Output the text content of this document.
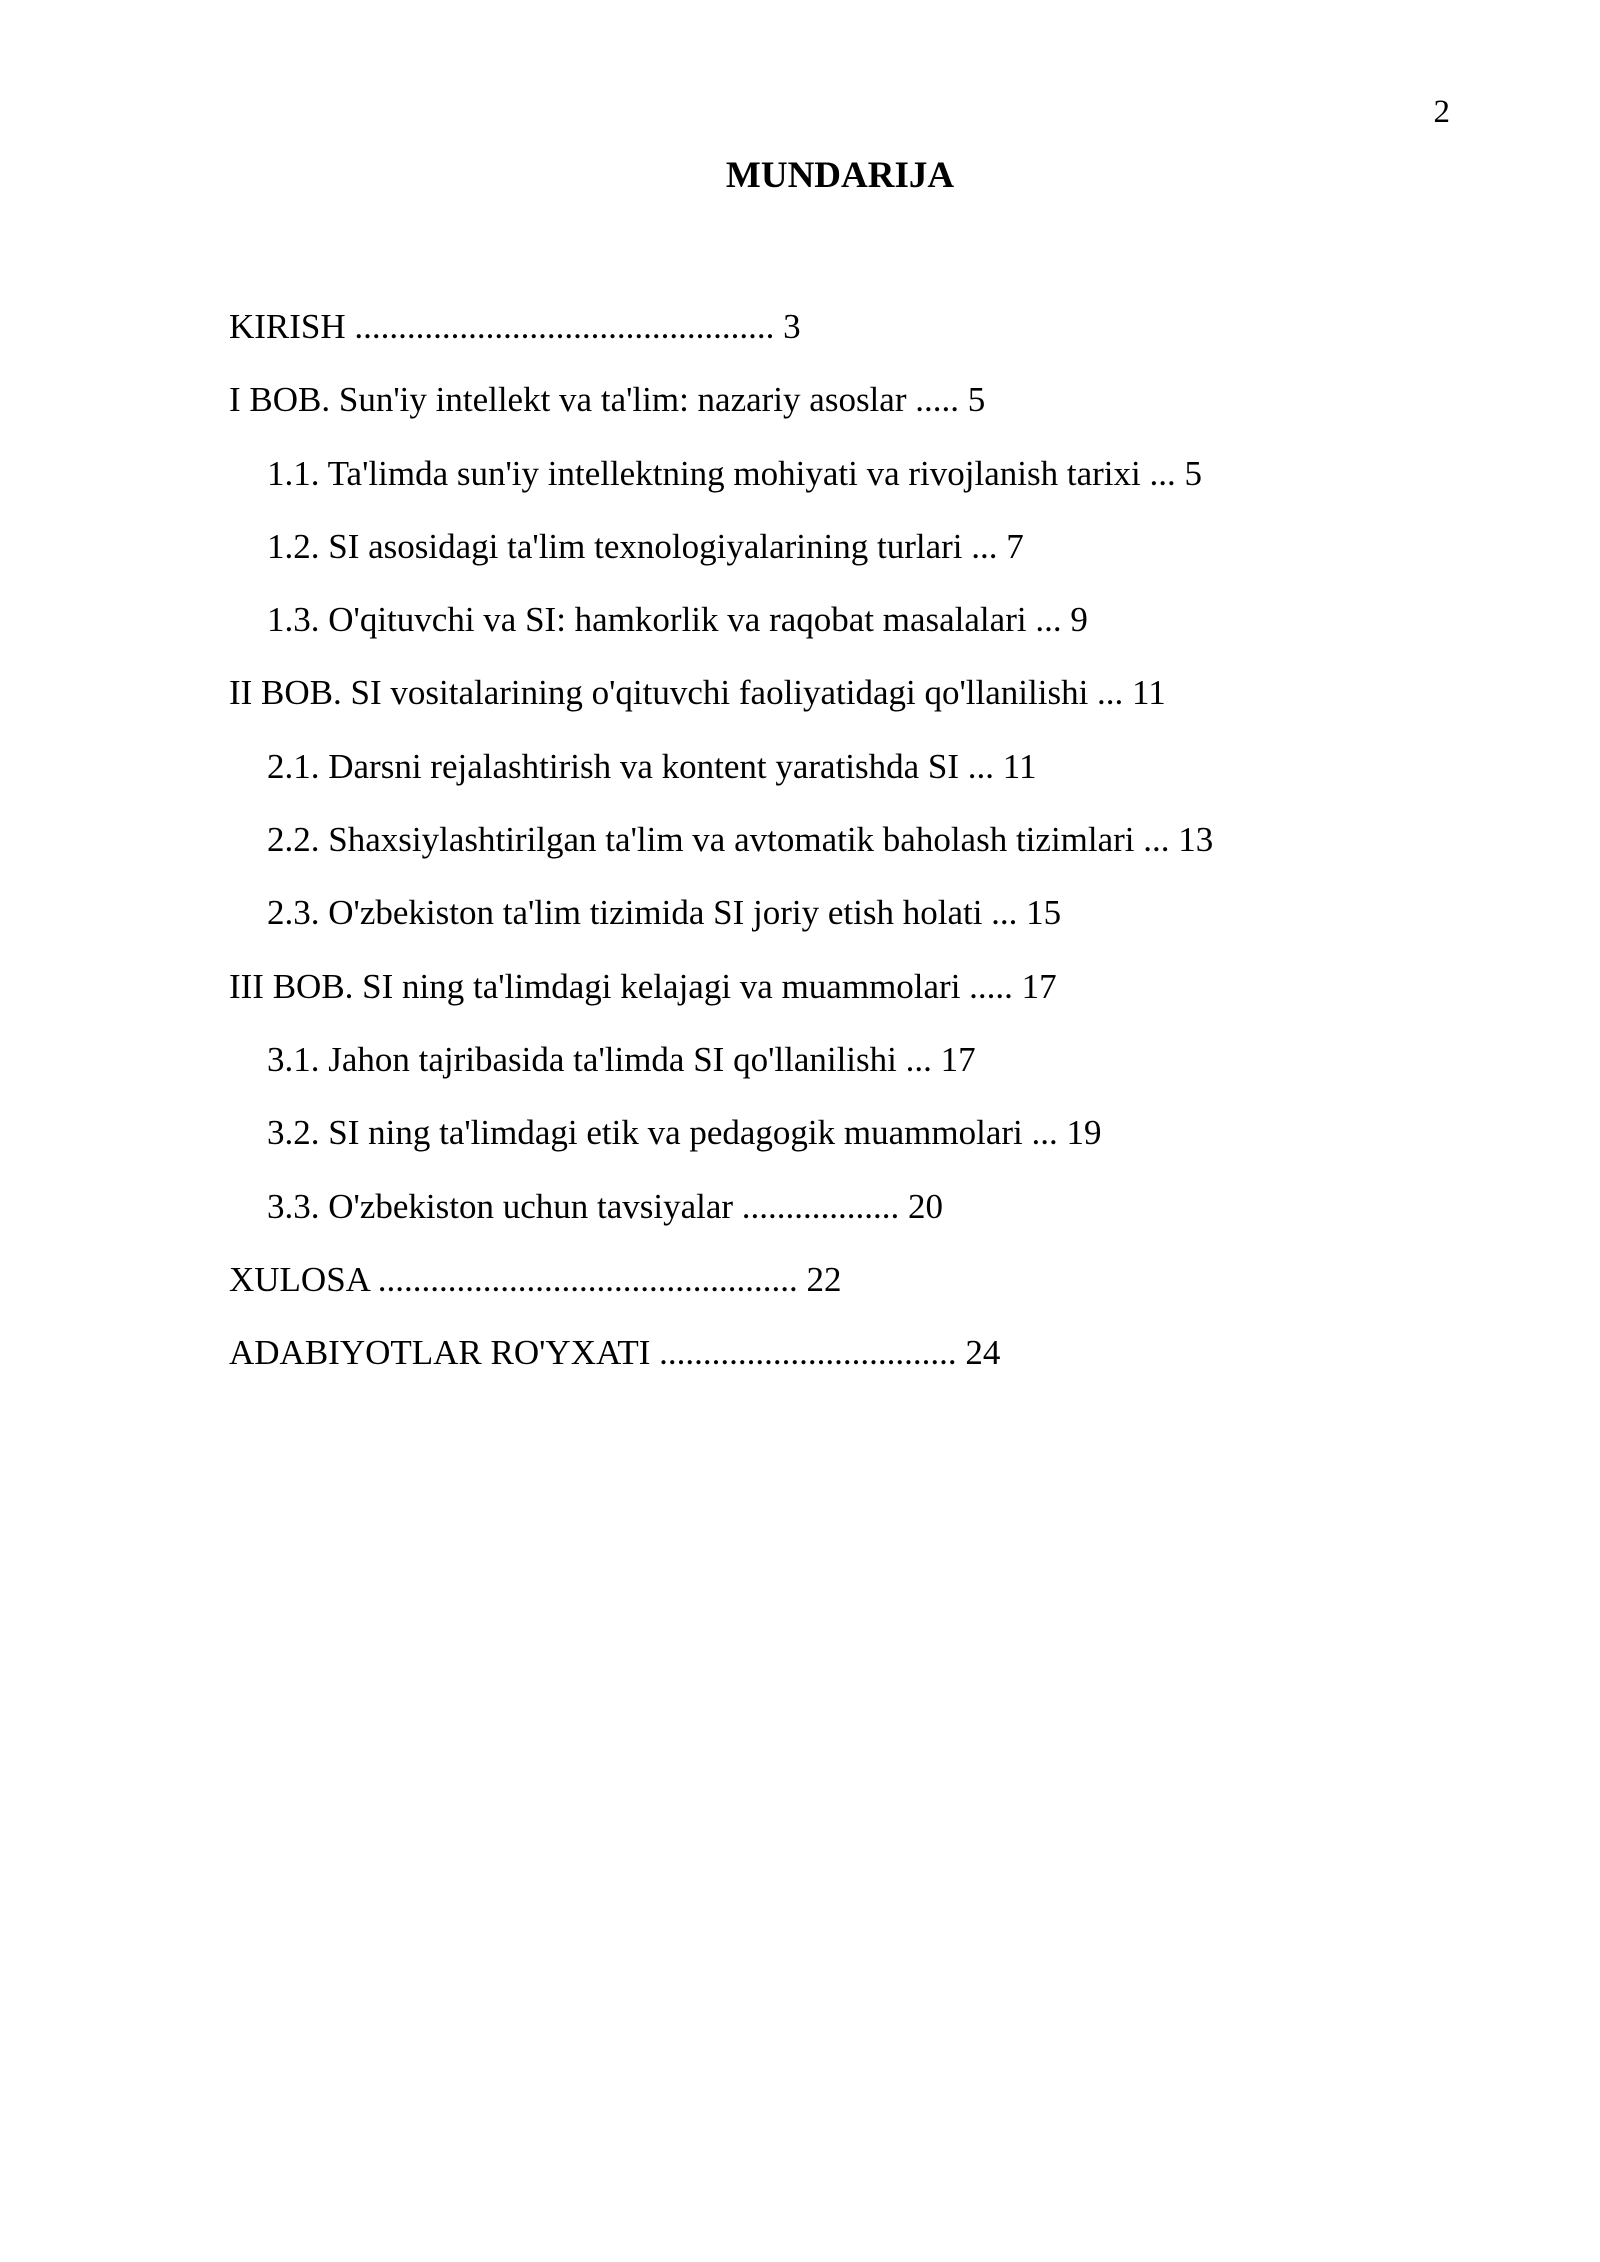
2
MUNDARIJA
KIRISH ................................................ 3
I BOB. Sun'iy intellekt va ta'lim: nazariy asoslar ..... 5
1.1. Ta'limda sun'iy intellektning mohiyati va rivojlanish tarixi ... 5
1.2. SI asosidagi ta'lim texnologiyalarining turlari ... 7
1.3. O'qituvchi va SI: hamkorlik va raqobat masalalari ... 9
II BOB. SI vositalarining o'qituvchi faoliyatidagi qo'llanilishi ... 11
2.1. Darsni rejalashtirish va kontent yaratishda SI ... 11
2.2. Shaxsiylashtirilgan ta'lim va avtomatik baholash tizimlari ... 13
2.3. O'zbekiston ta'lim tizimida SI joriy etish holati ... 15
III BOB. SI ning ta'limdagi kelajagi va muammolari ..... 17
3.1. Jahon tajribasida ta'limda SI qo'llanilishi ... 17
3.2. SI ning ta'limdagi etik va pedagogik muammolari ... 19
3.3. O'zbekiston uchun tavsiyalar .................. 20
XULOSA ................................................ 22
ADABIYOTLAR RO'YXATI .................................. 24
